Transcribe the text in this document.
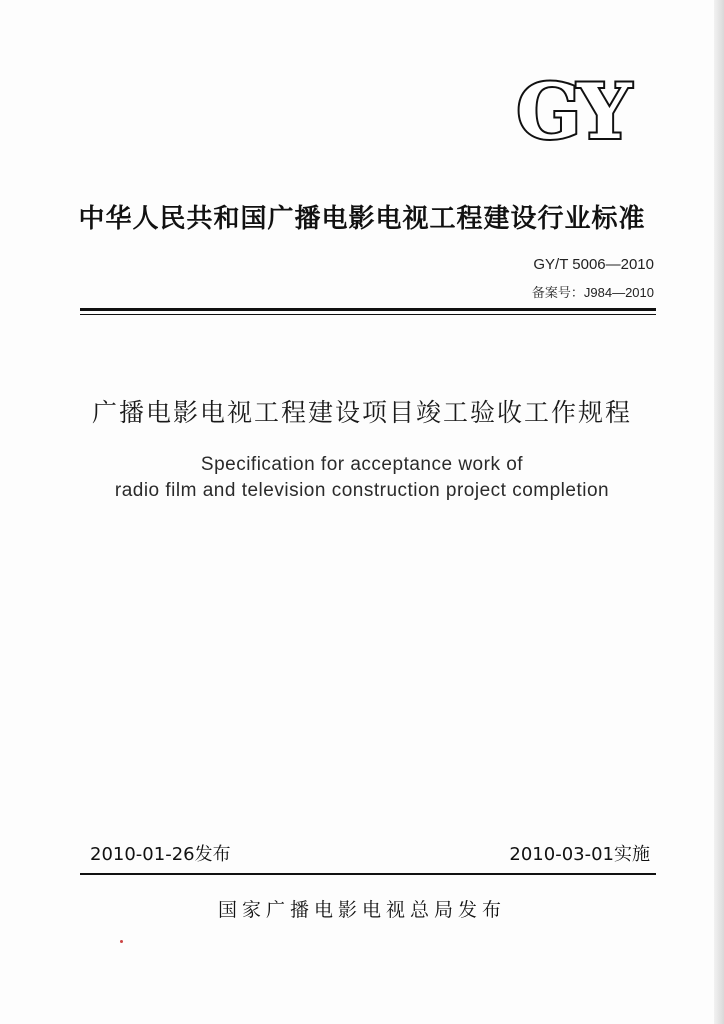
GY
中华人民共和国广播电影电视工程建设行业标准
GY/T 5006—2010
备案号：J984—2010
广播电影电视工程建设项目竣工验收工作规程
Specification for acceptance work of
radio film and television construction project completion
2010-01-26发布	2010-03-01实施
国家广播电影电视总局发布
